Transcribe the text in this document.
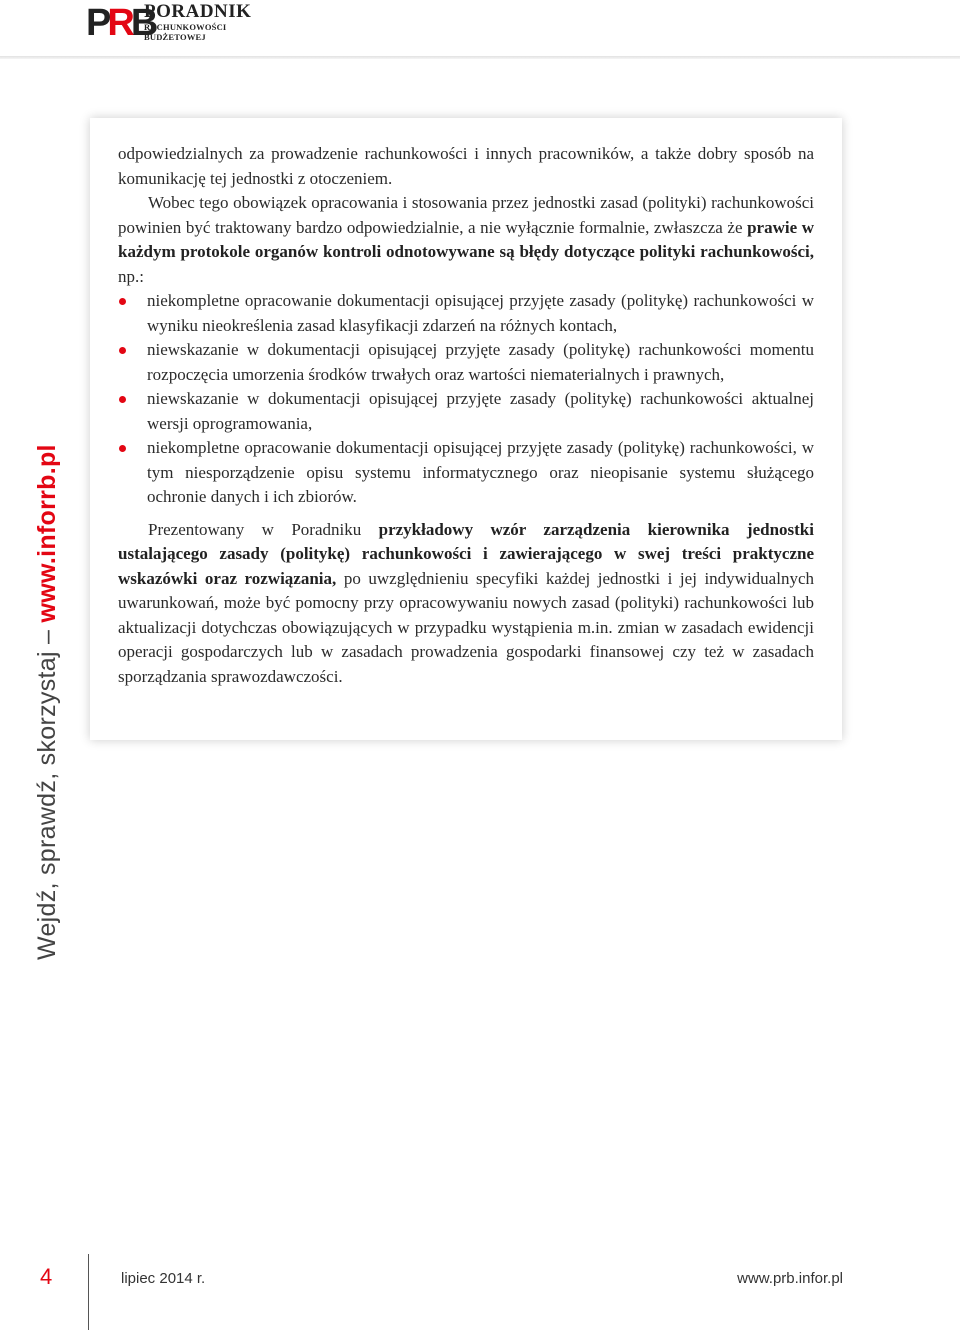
PRB
PORADNIK
RACHUNKOWOŚCI
BUDŻETOWEJ
Wejdź, sprawdź, skorzystaj – www.inforrb.pl

odpowiedzialnych za prowadzenie rachunkowości i innych pracowników, a także dobry sposób na komunikację tej jednostki z otoczeniem.

Wobec tego obowiązek opracowania i stosowania przez jednostki zasad (polityki) rachunkowości powinien być traktowany bardzo odpowiedzialnie, a nie wyłącznie formalnie, zwłaszcza że prawie w każdym protokole organów kontroli odnotowywane są błędy dotyczące polityki rachunkowości, np.:

niekompletne opracowanie dokumentacji opisującej przyjęte zasady (politykę) rachunkowości w wyniku nieokreślenia zasad klasyfikacji zdarzeń na różnych kontach,
niewskazanie w dokumentacji opisującej przyjęte zasady (politykę) rachunkowości momentu rozpoczęcia umorzenia środków trwałych oraz wartości niematerialnych i prawnych,
niewskazanie w dokumentacji opisującej przyjęte zasady (politykę) rachunkowości aktualnej wersji oprogramowania,
niekompletne opracowanie dokumentacji opisującej przyjęte zasady (politykę) rachunkowości, w tym niesporządzenie opisu systemu informatycznego oraz nieopisanie systemu służącego ochronie danych i ich zbiorów.

Prezentowany w Poradniku przykładowy wzór zarządzenia kierownika jednostki ustalającego zasady (politykę) rachunkowości i zawierającego w swej treści praktyczne wskazówki oraz rozwiązania, po uwzględnieniu specyfiki każdej jednostki i jej indywidualnych uwarunkowań, może być pomocny przy opracowywaniu nowych zasad (polityki) rachunkowości lub aktualizacji dotychczas obowiązujących w przypadku wystąpienia m.in. zmian w zasadach ewidencji operacji gospodarczych lub w zasadach prowadzenia gospodarki finansowej czy też w zasadach sporządzania sprawozdawczości.

4	lipiec 2014 r.	www.prb.infor.pl
